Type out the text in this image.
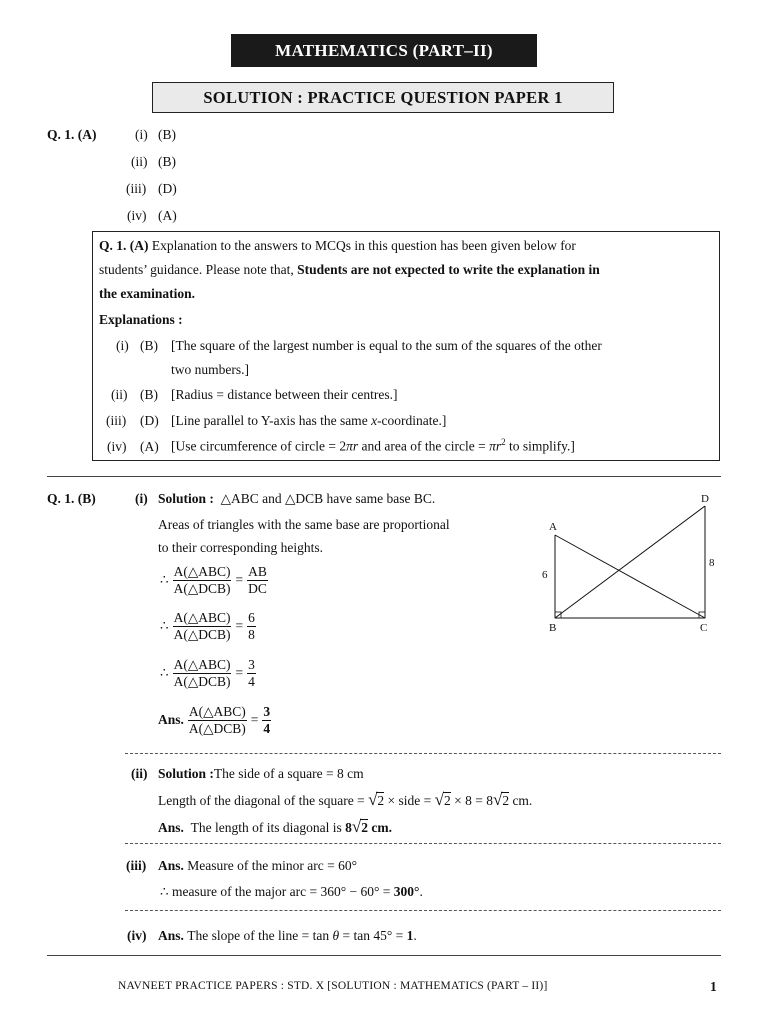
MATHEMATICS (PART–II)
SOLUTION : PRACTICE QUESTION PAPER 1
Q. 1. (A)	(i) (B)
(ii) (B)
(iii) (D)
(iv) (A)
Q. 1. (A) Explanation to the answers to MCQs in this question has been given below for
students’ guidance. Please note that, Students are not expected to write the explanation in
the examination.
Explanations :
(i) (B) [The square of the largest number is equal to the sum of the squares of the other
two numbers.]
(ii) (B) [Radius = distance between their centres.]
(iii) (D) [Line parallel to Y-axis has the same x-coordinate.]
(iv) (A) [Use circumference of circle = 2πr and area of the circle = $\pi r^2$ to simplify.]
Q. 1. (B)	(i) Solution : △ABC and △DCB have same base BC.
Areas of triangles with the same base are proportional
to their corresponding heights.
∴ $\frac{\text{A(△ABC)}}{\text{A(△DCB)}} = \frac{AB}{DC}$
∴ $\frac{\text{A(△ABC)}}{\text{A(△DCB)}} = \frac{6}{8}$
∴ $\frac{\text{A(△ABC)}}{\text{A(△DCB)}} = \frac{3}{4}$
Ans. $\frac{\text{A(△ABC)}}{\text{A(△DCB)}} = \frac{3}{4}$
A
B	C
D
6
8
(ii) Solution :The side of a square = 8 cm
Length of the diagonal of the square = √2 × side = √2 × 8 = 8√2 cm.
Ans. The length of its diagonal is 8√2 cm.
(iii) Ans. Measure of the minor arc = 60°
∴ measure of the major arc = 360° − 60° = 300°.
(iv) Ans. The slope of the line = tan θ = tan 45° = 1.
NAVNEET PRACTICE PAPERS : STD. X [SOLUTION : MATHEMATICS (PART – II)]	1
